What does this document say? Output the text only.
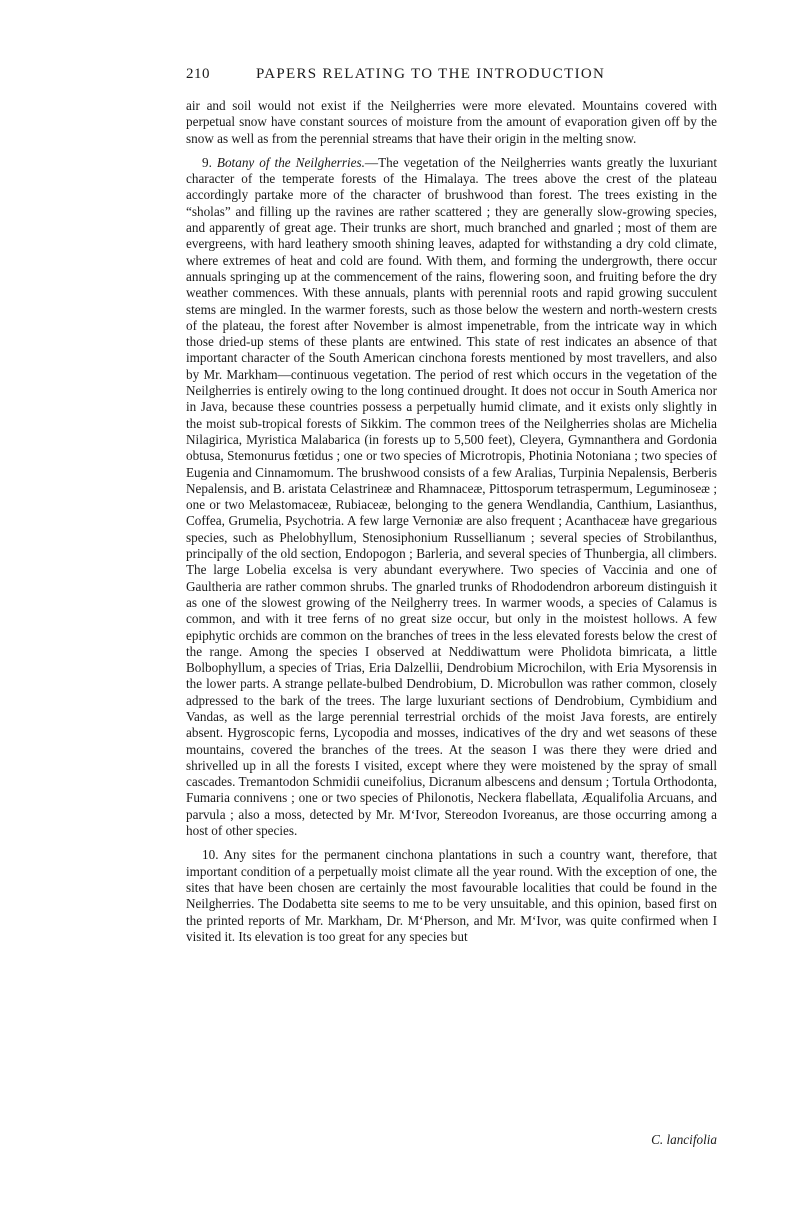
210	PAPERS RELATING TO THE INTRODUCTION

air and soil would not exist if the Neilgherries were more elevated. Mountains covered with perpetual snow have constant sources of moisture from the amount of evaporation given off by the snow as well as from the perennial streams that have their origin in the melting snow.

9. Botany of the Neilgherries.—The vegetation of the Neilgherries wants greatly the luxuriant character of the temperate forests of the Himalaya. The trees above the crest of the plateau accordingly partake more of the character of brushwood than forest. The trees existing in the “sholas” and filling up the ravines are rather scattered ; they are generally slow-growing species, and apparently of great age. Their trunks are short, much branched and gnarled ; most of them are evergreens, with hard leathery smooth shining leaves, adapted for withstanding a dry cold climate, where extremes of heat and cold are found. With them, and forming the undergrowth, there occur annuals springing up at the commencement of the rains, flowering soon, and fruiting before the dry weather commences. With these annuals, plants with perennial roots and rapid growing succulent stems are mingled. In the warmer forests, such as those below the western and north-western crests of the plateau, the forest after November is almost impenetrable, from the intricate way in which those dried-up stems of these plants are entwined. This state of rest indicates an absence of that important character of the South American cinchona forests mentioned by most travellers, and also by Mr. Markham—continuous vegetation. The period of rest which occurs in the vegetation of the Neilgherries is entirely owing to the long continued drought. It does not occur in South America nor in Java, because these countries possess a perpetually humid climate, and it exists only slightly in the moist sub-tropical forests of Sikkim. The common trees of the Neilgherries sholas are Michelia Nilagirica, Myristica Malabarica (in forests up to 5,500 feet), Cleyera, Gymnanthera and Gordonia obtusa, Stemonurus fœtidus ; one or two species of Microtropis, Photinia Notoniana ; two species of Eugenia and Cinnamomum. The brushwood consists of a few Aralias, Turpinia Nepalensis, Berberis Nepalensis, and B. aristata Celastrineæ and Rhamnaceæ, Pittosporum tetraspermum, Leguminoseæ ; one or two Melastomaceæ, Rubiaceæ, belonging to the genera Wendlandia, Canthium, Lasianthus, Coffea, Grumelia, Psychotria. A few large Vernoniæ are also frequent ; Acanthaceæ have gregarious species, such as Phelobhyllum, Stenosiphonium Russellianum ; several species of Strobilanthus, principally of the old section, Endopogon ; Barleria, and several species of Thunbergia, all climbers. The large Lobelia excelsa is very abundant everywhere. Two species of Vaccinia and one of Gaultheria are rather common shrubs. The gnarled trunks of Rhododendron arboreum distinguish it as one of the slowest growing of the Neilgherry trees. In warmer woods, a species of Calamus is common, and with it tree ferns of no great size occur, but only in the moistest hollows. A few epiphytic orchids are common on the branches of trees in the less elevated forests below the crest of the range. Among the species I observed at Neddiwattum were Pholidota bimricata, a little Bolbophyllum, a species of Trias, Eria Dalzellii, Dendrobium Microchilon, with Eria Mysorensis in the lower parts. A strange pellate-bulbed Dendrobium, D. Microbullon was rather common, closely adpressed to the bark of the trees. The large luxuriant sections of Dendrobium, Cymbidium and Vandas, as well as the large perennial terrestrial orchids of the moist Java forests, are entirely absent. Hygroscopic ferns, Lycopodia and mosses, indicatives of the dry and wet seasons of these mountains, covered the branches of the trees. At the season I was there they were dried and shrivelled up in all the forests I visited, except where they were moistened by the spray of small cascades. Tremantodon Schmidii cuneifolius, Dicranum albescens and densum ; Tortula Orthodonta, Fumaria connivens ; one or two species of Philonotis, Neckera flabellata, Æqualifolia Arcuans, and parvula ; also a moss, detected by Mr. M‘Ivor, Stereodon Ivoreanus, are those occurring among a host of other species.

10. Any sites for the permanent cinchona plantations in such a country want, therefore, that important condition of a perpetually moist climate all the year round. With the exception of one, the sites that have been chosen are certainly the most favourable localities that could be found in the Neilgherries. The Dodabetta site seems to me to be very unsuitable, and this opinion, based first on the printed reports of Mr. Markham, Dr. M‘Pherson, and Mr. M‘Ivor, was quite confirmed when I visited it. Its elevation is too great for any species but

C. lancifolia
